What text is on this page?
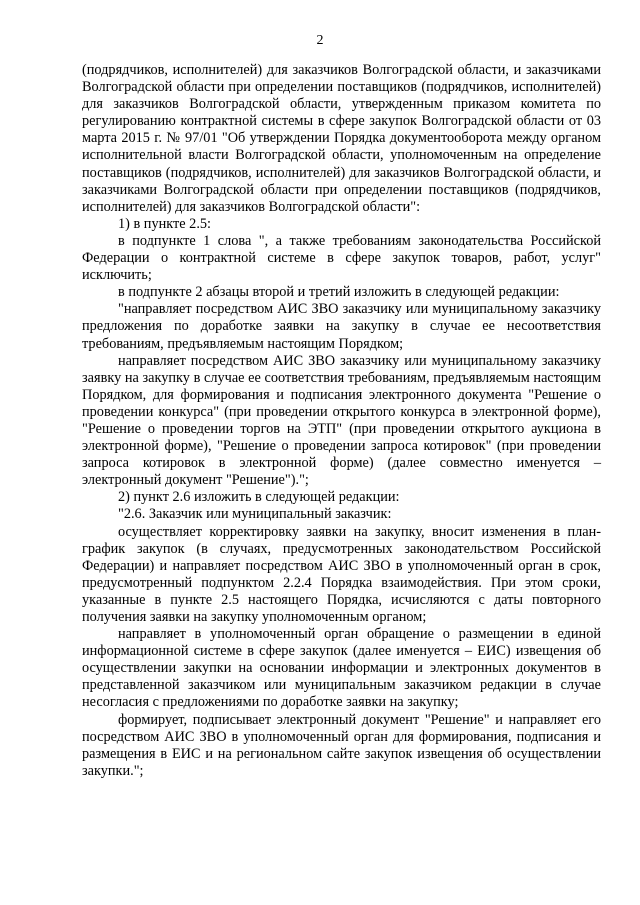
2

(подрядчиков, исполнителей) для заказчиков Волгоградской области, и заказчиками Волгоградской области при определении поставщиков (подрядчиков, исполнителей) для заказчиков Волгоградской области, утвержденным приказом комитета по регулированию контрактной системы в сфере закупок Волгоградской области от 03 марта 2015 г. № 97/01 "Об утверждении Порядка документооборота между органом исполнительной власти Волгоградской области, уполномоченным на определение поставщиков (подрядчиков, исполнителей) для заказчиков Волгоградской области, и заказчиками Волгоградской области при определении поставщиков (подрядчиков, исполнителей) для заказчиков Волгоградской области":

1) в пункте 2.5:

в подпункте 1 слова ", а также требованиям законодательства Российской Федерации о контрактной системе в сфере закупок товаров, работ, услуг" исключить;

в подпункте 2 абзацы второй и третий изложить в следующей редакции:

"направляет посредством АИС ЗВО заказчику или муниципальному заказчику предложения по доработке заявки на закупку в случае ее несоответствия требованиям, предъявляемым настоящим Порядком;

направляет посредством АИС ЗВО заказчику или муниципальному заказчику заявку на закупку в случае ее соответствия требованиям, предъявляемым настоящим Порядком, для формирования и подписания электронного документа "Решение о проведении конкурса" (при проведении открытого конкурса в электронной форме), "Решение о проведении торгов на ЭТП" (при проведении открытого аукциона в электронной форме), "Решение о проведении запроса котировок" (при проведении запроса котировок в электронной форме) (далее совместно именуется – электронный документ "Решение").";

2) пункт 2.6 изложить в следующей редакции:

"2.6. Заказчик или муниципальный заказчик:

осуществляет корректировку заявки на закупку, вносит изменения в план-график закупок (в случаях, предусмотренных законодательством Российской Федерации) и направляет посредством АИС ЗВО в уполномоченный орган в срок, предусмотренный подпунктом 2.2.4 Порядка взаимодействия. При этом сроки, указанные в пункте 2.5 настоящего Порядка, исчисляются с даты повторного получения заявки на закупку уполномоченным органом;

направляет в уполномоченный орган обращение о размещении в единой информационной системе в сфере закупок (далее именуется – ЕИС) извещения об осуществлении закупки на основании информации и электронных документов в представленной заказчиком или муниципальным заказчиком редакции в случае несогласия с предложениями по доработке заявки на закупку;

формирует, подписывает электронный документ "Решение" и направляет его посредством АИС ЗВО в уполномоченный орган для формирования, подписания и размещения в ЕИС и на региональном сайте закупок извещения об осуществлении закупки.";
